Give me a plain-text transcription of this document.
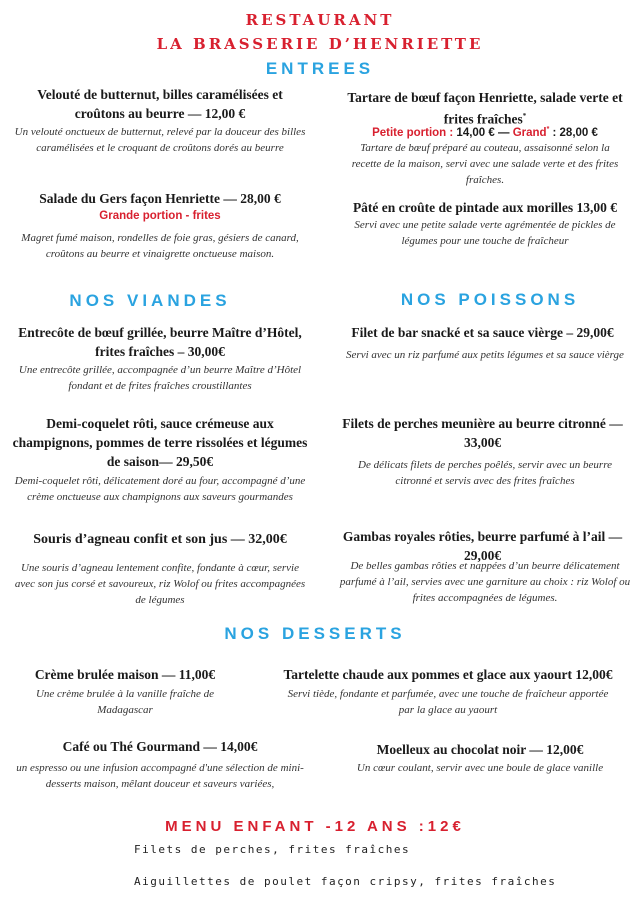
RESTAURANT
LA BRASSERIE D’HENRIETTE
ENTREES
Velouté de butternut, billes caramélisées et croûtons au beurre — 12,00 €
Un velouté onctueux de butternut, relevé par la douceur des billes caramélisées et le croquant de croûtons dorés au beurre
Salade du Gers façon Henriette — 28,00 €
Grande portion - frites
Magret fumé maison, rondelles de foie gras, gésiers de canard, croûtons au beurre et vinaigrette onctueuse maison.
Tartare de bœuf façon Henriette, salade verte et frites fraîches*
Petite portion : 14,00 € — Grand* : 28,00 €
Tartare de bœuf préparé au couteau, assaisonné selon la recette de la maison, servi avec une salade verte et des frites fraîches.
Pâté en croûte de pintade aux morilles 13,00 €
Servi avec une petite salade verte agrémentée de pickles de légumes pour une touche de fraîcheur
NOS VIANDES	NOS POISSONS
Entrecôte de bœuf grillée, beurre Maître d’Hôtel, frites fraîches – 30,00€
Une entrecôte grillée, accompagnée d’un beurre Maître d’Hôtel fondant et de frites fraîches croustillantes
Demi-coquelet rôti, sauce crémeuse aux champignons, pommes de terre rissolées et légumes de saison— 29,50€
Demi-coquelet rôti, délicatement doré au four, accompagné d’une crème onctueuse aux champignons aux saveurs gourmandes
Souris d’agneau confit et son jus — 32,00€
Une souris d’agneau lentement confite, fondante à cœur, servie avec son jus corsé et savoureux, riz Wolof ou frites accompagnées de légumes
Filet de bar snacké et sa sauce vièrge – 29,00€
Servi avec un riz parfumé aux petits légumes et sa sauce vièrge
Filets de perches meunière au beurre citronné — 33,00€
De délicats filets de perches poêlés, servir avec un beurre citronné et servis avec des frites fraîches
Gambas royales rôties, beurre parfumé à l’ail — 29,00€
De belles gambas rôties et nappées d’un beurre délicatement parfumé à l’ail, servies avec une garniture au choix : riz Wolof ou frites accompagnées de légumes.
NOS DESSERTS
Crème brulée maison — 11,00€
Une crème brulée à la vanille fraîche de Madagascar
Tartelette chaude aux pommes et glace aux yaourt 12,00€
Servi tiède, fondante et parfumée, avec une touche de fraîcheur apportée par la glace au yaourt
Café ou Thé Gourmand — 14,00€
un espresso ou une infusion accompagné d'une sélection de mini-desserts maison, mêlant douceur et saveurs variées,
Moelleux au chocolat noir — 12,00€
Un cœur coulant, servir avec une boule de glace vanille
MENU ENFANT -12 ANS :12€
Filets de perches, frites fraîches
Aiguillettes de poulet façon cripsy, frites fraîches
